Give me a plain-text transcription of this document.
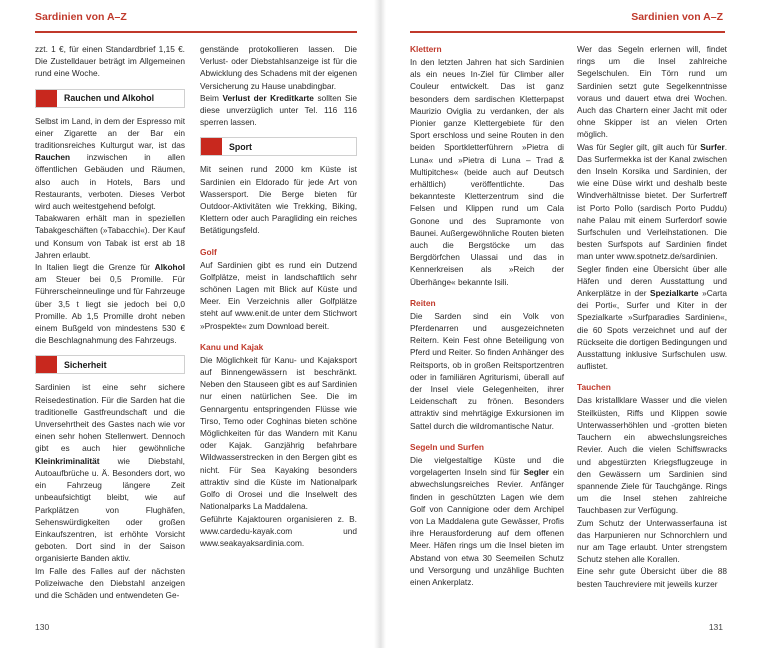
Sardinien von A–Z

zzt. 1 €, für einen Standardbrief 1,15 €. Die Zustelldauer beträgt im Allgemeinen rund eine Woche.

Rauchen und Alkohol

Selbst im Land, in dem der Espresso mit einer Zigarette an der Bar ein traditionsreiches Kulturgut war, ist das Rauchen inzwischen in allen öffentlichen Gebäuden und Räumen, also auch in Hotels, Bars und Restaurants, verboten. Dieses Verbot wird auch weitestgehend befolgt.

Tabakwaren erhält man in speziellen Tabakgeschäften (»Tabacchi«). Der Kauf und Konsum von Tabak ist erst ab 18 Jahren erlaubt.

In Italien liegt die Grenze für Alkohol am Steuer bei 0,5 Promille. Für Führerscheinneulinge und für Fahrzeuge über 3,5 t liegt sie jedoch bei 0,0 Promille. Ab 1,5 Promille droht neben einem Bußgeld von mindestens 530 € die Beschlagnahmung des Fahrzeugs.

Sicherheit

Sardinien ist eine sehr sichere Reisedestination. Für die Sarden hat die traditionelle Gastfreundschaft und die Unversehrtheit des Gastes nach wie vor einen sehr hohen Stellenwert. Dennoch gibt es auch hier gewöhnliche Kleinkriminalität wie Diebstahl, Autoaufbrüche u. Ä. Besonders dort, wo ein Fahrzeug längere Zeit unbeaufsichtigt bleibt, wie auf Parkplätzen von Flughäfen, Sehenswürdigkeiten oder großen Einkaufszentren, ist erhöhte Vorsicht geboten. Dort sind in der Saison organisierte Banden aktiv.

Im Falle des Falles auf der nächsten Polizeiwache den Diebstahl anzeigen und die Schäden und entwendeten Ge-

genstände protokollieren lassen. Die Verlust- oder Diebstahlsanzeige ist für die Abwicklung des Schadens mit der eigenen Versicherung zu Hause unabdingbar.

Beim Verlust der Kreditkarte sollten Sie diese unverzüglich unter Tel. 116 116 sperren lassen.

Sport

Mit seinen rund 2000 km Küste ist Sardinien ein Eldorado für jede Art von Wassersport. Die Berge bieten für Outdoor-Aktivitäten wie Trekking, Biking, Klettern oder auch Paragliding ein reiches Betätigungsfeld.

Golf

Auf Sardinien gibt es rund ein Dutzend Golfplätze, meist in landschaftlich sehr schönen Lagen mit Blick auf Küste und Meer. Ein Verzeichnis aller Golfplätze steht auf www.enit.de unter dem Stichwort »Prospekte« zum Download bereit.

Kanu und Kajak

Die Möglichkeit für Kanu- und Kajaksport auf Binnengewässern ist beschränkt. Neben den Stauseen gibt es auf Sardinien nur einen natürlichen See. Die im Gennargentu entspringenden Flüsse wie Tirso, Temo oder Coghinas bieten schöne Möglichkeiten für das Wandern mit Kanu oder Kajak. Ganzjährig befahrbare Wildwasserstrecken in den Bergen gibt es nicht. Für Sea Kayaking besonders attraktiv sind die Küste im Nationalpark Golfo di Orosei und die Inselwelt des Nationalparks La Maddalena.

Geführte Kajaktouren organisieren z. B. www.cardedu-kayak.com und www.seakayaksardinia.com.

130
Sardinien von A–Z
Klettern

In den letzten Jahren hat sich Sardinien als ein neues In-Ziel für Climber aller Couleur entwickelt. Das ist ganz besonders dem sardischen Kletterpapst Maurizio Oviglia zu verdanken, der als Pionier ganze Klettergebiete für den Sport erschloss und seine Routen in den beiden Sportkletterführern »Pietra di Luna« und »Pietra di Luna – Trad & Multipitches« (beide auch auf Deutsch erhältlich) veröffentlichte. Das bekannteste Kletterzentrum sind die Felsen und Klippen rund um Cala Gonone und des Supramonte von Baunei. Außergewöhnliche Routen bieten auch die Bergstöcke um das Bergdörfchen Ulassai und das in Kennerkreisen als »Reich der Überhänge« bekannte Isili.

Reiten

Die Sarden sind ein Volk von Pferdenarren und ausgezeichneten Reitern. Kein Fest ohne Beteiligung von Pferd und Reiter. So finden Anhänger des Reitsports, ob in großen Reitsportzentren oder in familiären Agriturismi, überall auf der Insel viele Gelegenheiten, ihrer Leidenschaft zu frönen. Besonders attraktiv sind mehrtägige Exkursionen im Sattel durch die wildromantische Natur.

Segeln und Surfen

Die vielgestaltige Küste und die vorgelagerten Inseln sind für Segler ein abwechslungsreiches Revier. Anfänger finden in geschützten Lagen wie dem Golf von Cannigione oder dem Archipel von La Maddalena gute Gewässer, Profis ihre Herausforderung auf dem offenen Meer. Häfen rings um die Insel bieten im Abstand von etwa 30 Seemeilen Schutz und Versorgung und unzählige Buchten einen Ankerplatz.

Wer das Segeln erlernen will, findet rings um die Insel zahlreiche Segelschulen. Ein Törn rund um Sardinien setzt gute Segelkenntnisse voraus und dauert etwa drei Wochen. Auch das Chartern einer Jacht mit oder ohne Skipper ist an vielen Orten möglich.

Was für Segler gilt, gilt auch für Surfer. Das Surfermekka ist der Kanal zwischen den Inseln Korsika und Sardinien, der wie eine Düse wirkt und deshalb beste Windverhältnisse bietet. Der Surfertreff ist Porto Pollo (sardisch Porto Puddu) nahe Palau mit einem Surferdorf sowie Surfschulen und Verleihstationen. Die besten Surfspots auf Sardinien findet man unter www.spotnetz.de/sardinien.

Segler finden eine Übersicht über alle Häfen und deren Ausstattung und Ankerplätze in der Spezialkarte »Carta dei Porti«, Surfer und Kiter in der Spezialkarte »Surfparadies Sardinien«, die 60 Spots verzeichnet und auf der Rückseite die dortigen Bedingungen und Ausstattung inklusive Surfschulen usw. auflistet.

Tauchen

Das kristallklare Wasser und die vielen Steilküsten, Riffs und Klippen sowie Unterwasserhöhlen und -grotten bieten Tauchern ein abwechslungsreiches Revier. Auch die vielen Schiffswracks und abgestürzten Kriegsflugzeuge in den Gewässern um Sardinien sind spannende Ziele für Tauchgänge. Rings um die Insel stehen zahlreiche Tauchbasen zur Verfügung.

Zum Schutz der Unterwasserfauna ist das Harpunieren nur Schnorchlern und nur am Tage erlaubt. Unter strengstem Schutz stehen alle Korallen.

Eine sehr gute Übersicht über die 88 besten Tauchreviere mit jeweils kurzer

131
